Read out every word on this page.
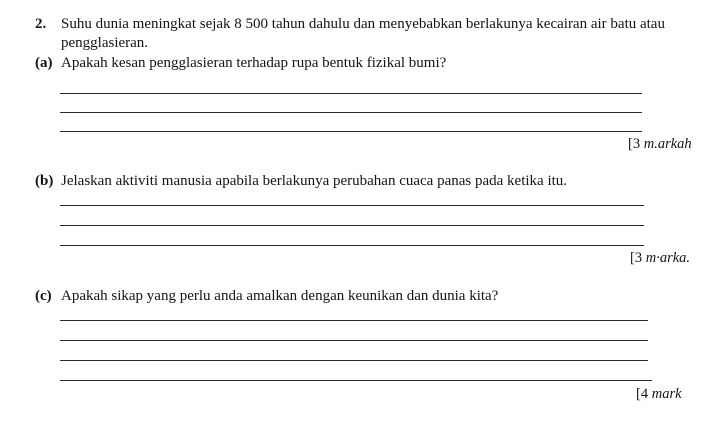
2. Suhu dunia meningkat sejak 8 500 tahun dahulu dan menyebabkan berlakunya kecairan air batu atau
pengglasieran.
(a) Apakah kesan pengglasieran terhadap rupa bentuk fizikal bumi?
[3 m.arkah
(b) Jelaskan aktiviti manusia apabila berlakunya perubahan cuaca panas pada ketika itu.
[3 m·arka.
(c) Apakah sikap yang perlu anda amalkan dengan keunikan dan dunia kita?
[4 mark
